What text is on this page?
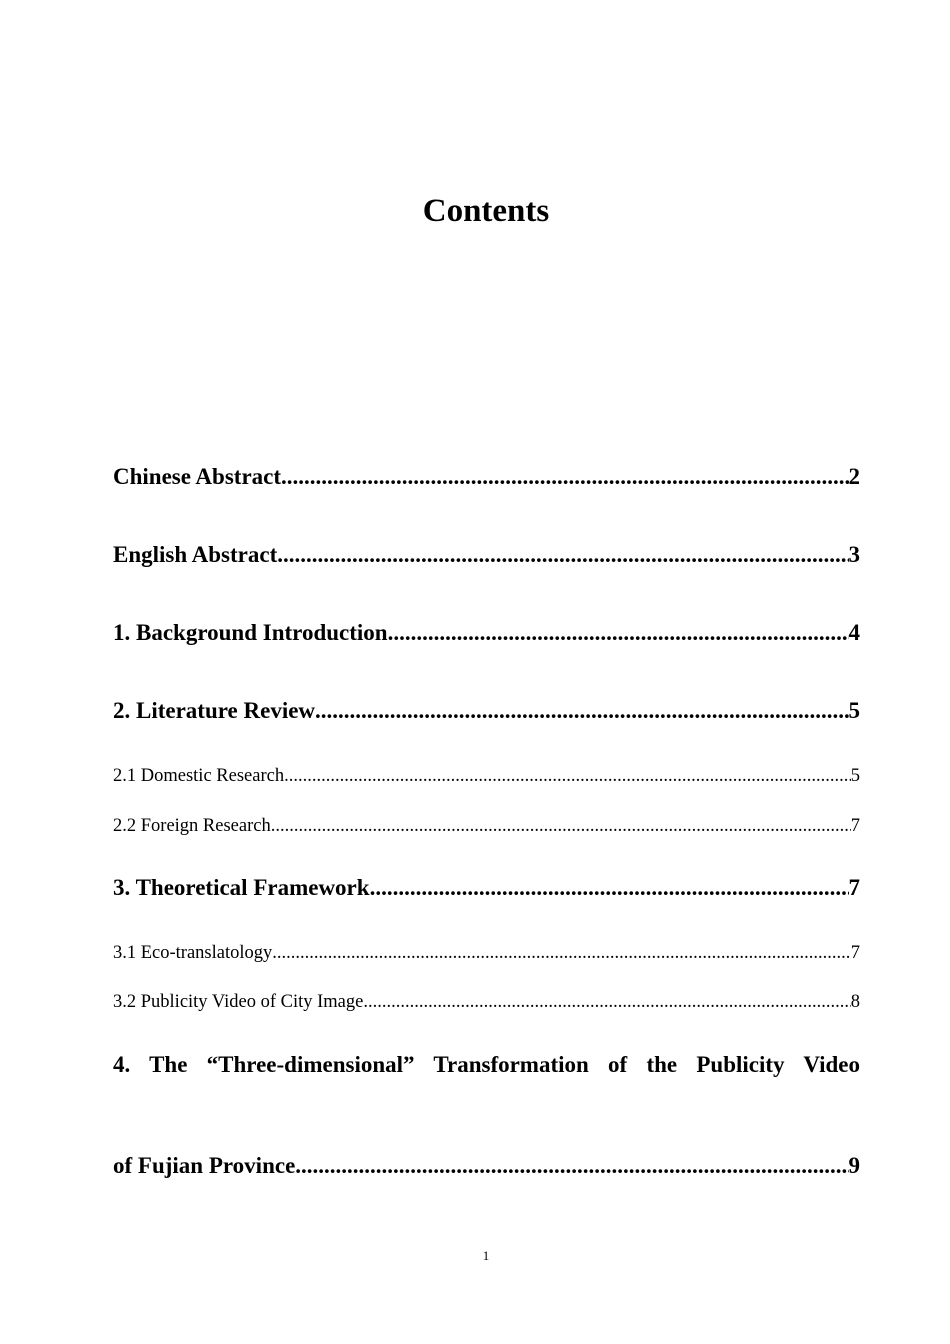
Contents
Chinese Abstract .....	2
English Abstract .....	3
1. Background Introduction .....	4
2. Literature Review .....	5
2.1 Domestic Research .....	5
2.2 Foreign Research .....	7
3. Theoretical Framework .....	7
3.1 Eco-translatology .....	7
3.2 Publicity Video of City Image .....	8
4. The “Three-dimensional” Transformation of the Publicity Video
of Fujian Province .....	9
1
